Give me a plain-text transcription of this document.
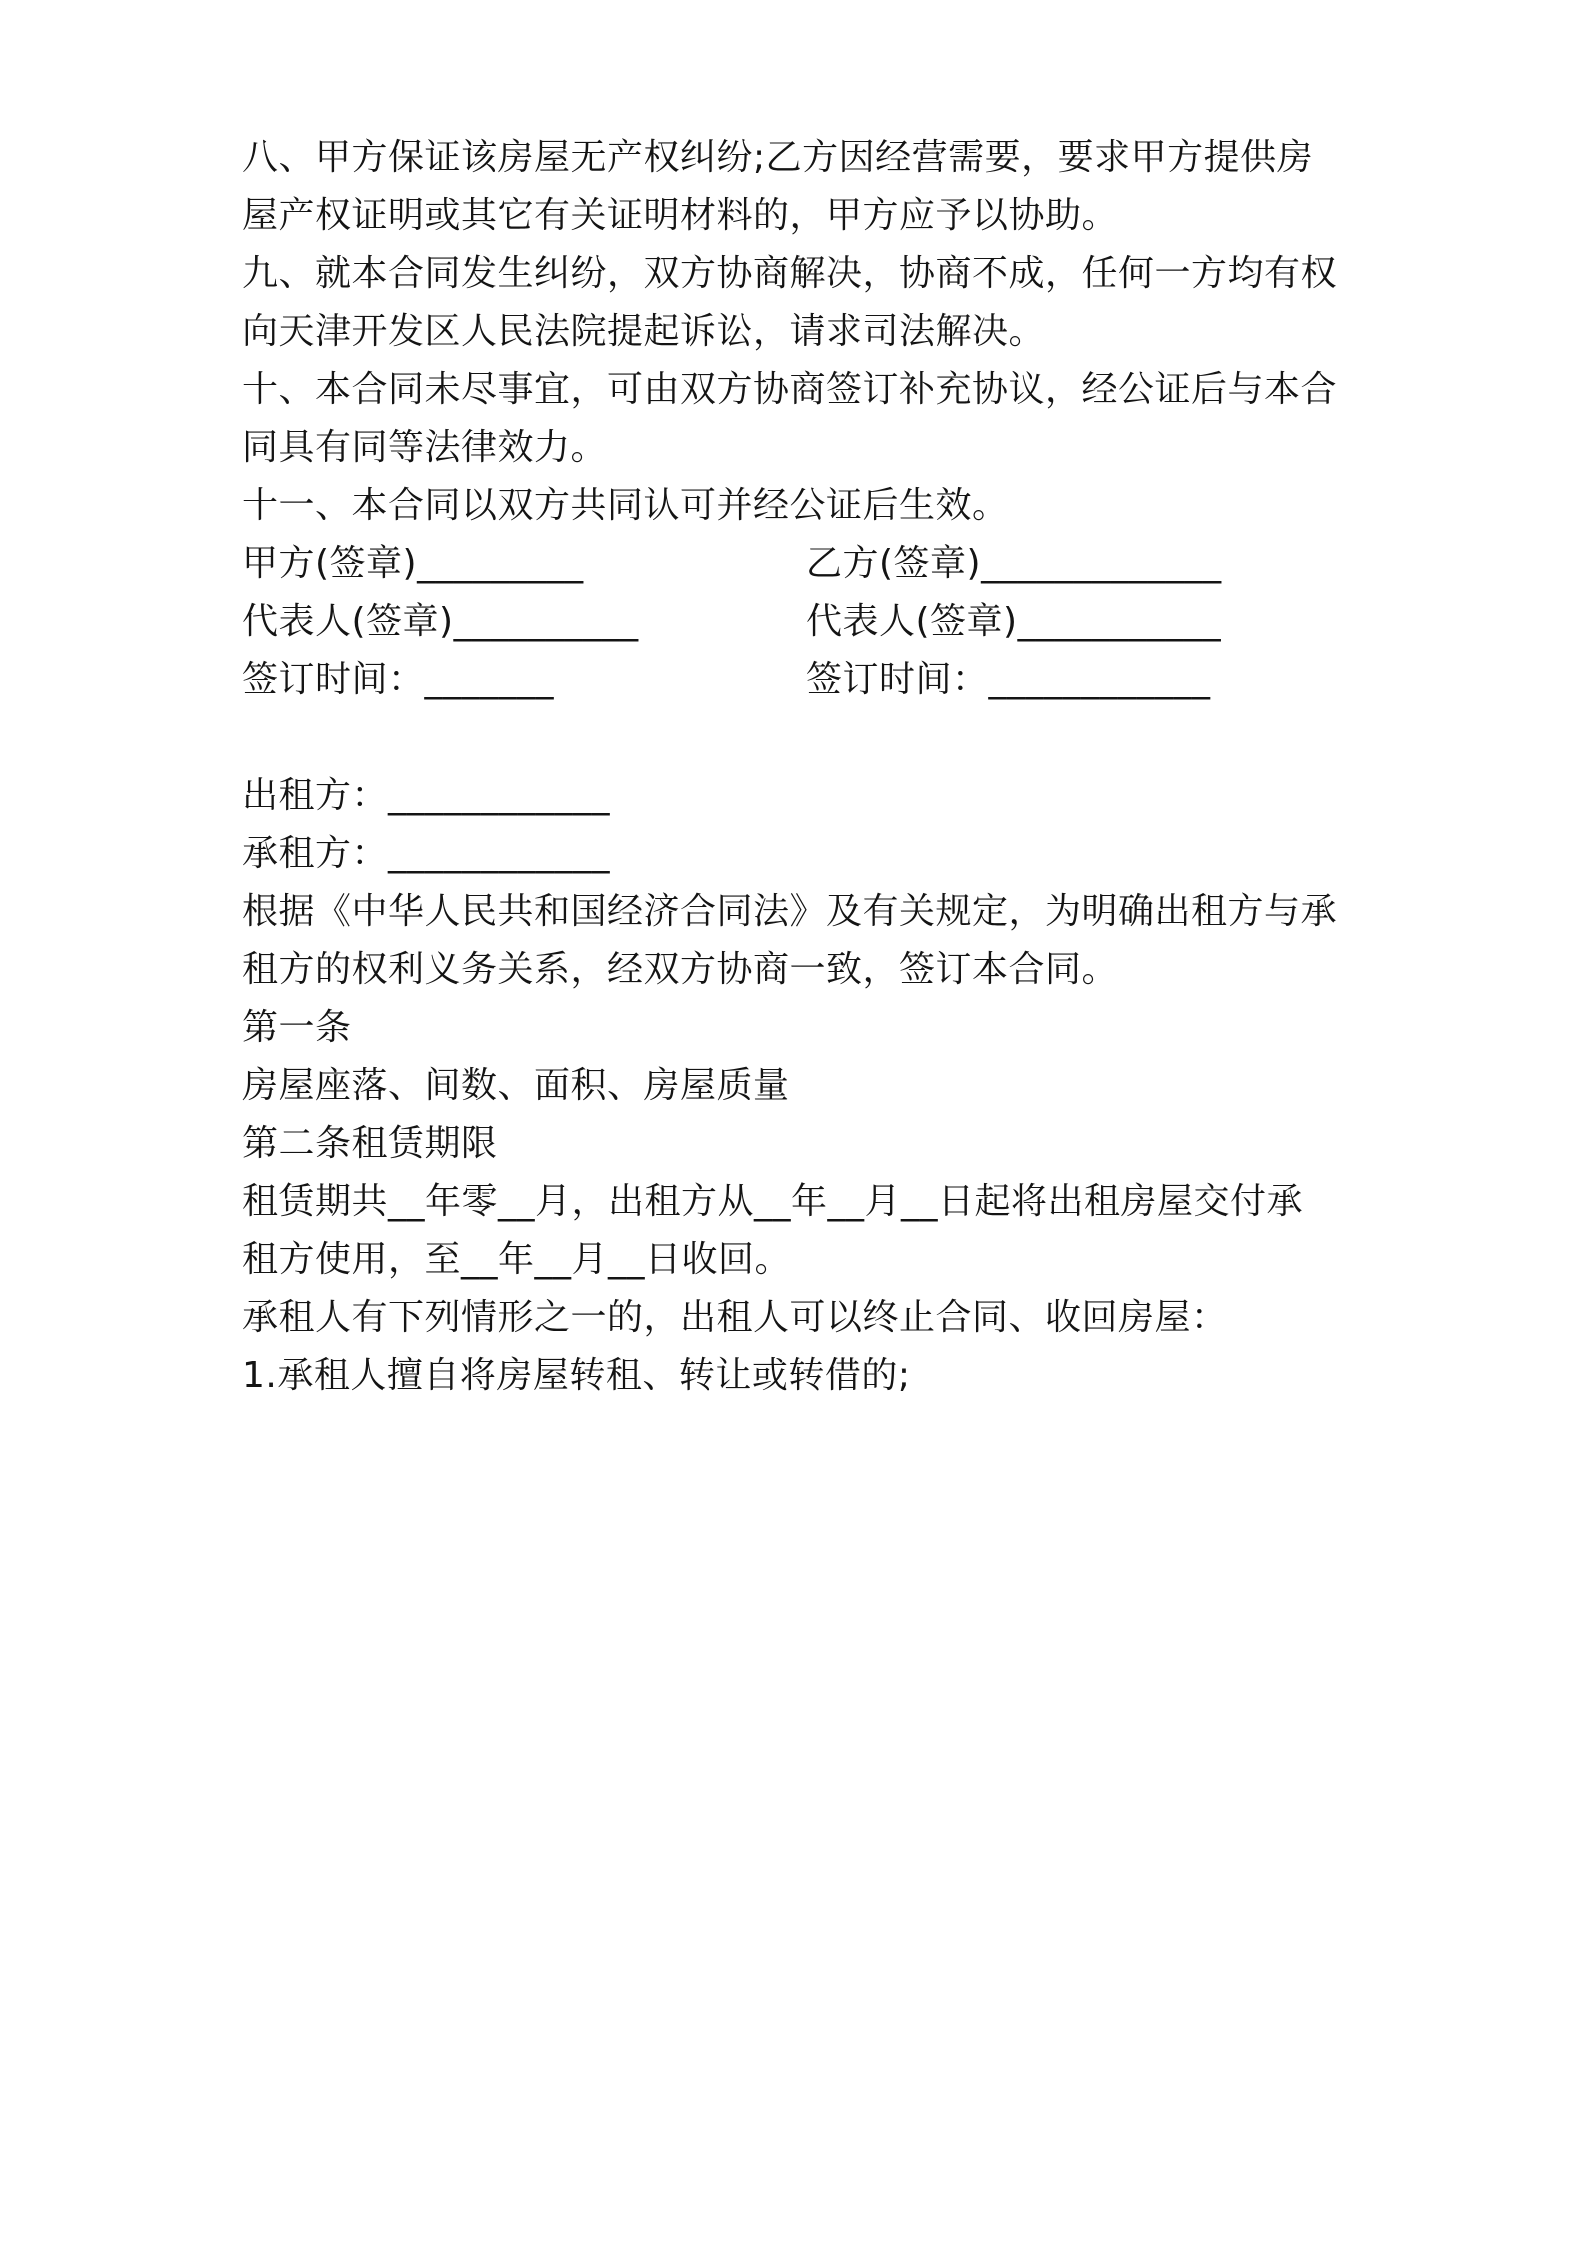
八、甲方保证该房屋无产权纠纷;乙方因经营需要，要求甲方提供房
屋产权证明或其它有关证明材料的，甲方应予以协助。
九、就本合同发生纠纷，双方协商解决，协商不成，任何一方均有权
向天津开发区人民法院提起诉讼，请求司法解决。
十、本合同未尽事宜，可由双方协商签订补充协议，经公证后与本合
同具有同等法律效力。
十一、本合同以双方共同认可并经公证后生效。
甲方(签章)_________	乙方(签章)_____________
代表人(签章)__________	代表人(签章)___________
签订时间：_______	签订时间：____________
出租方：____________
承租方：____________
根据《中华人民共和国经济合同法》及有关规定，为明确出租方与承
租方的权利义务关系，经双方协商一致，签订本合同。
第一条
房屋座落、间数、面积、房屋质量
第二条租赁期限
租赁期共__年零__月，出租方从__年__月__日起将出租房屋交付承
租方使用，至__年__月__日收回。
承租人有下列情形之一的，出租人可以终止合同、收回房屋：
1.承租人擅自将房屋转租、转让或转借的;
